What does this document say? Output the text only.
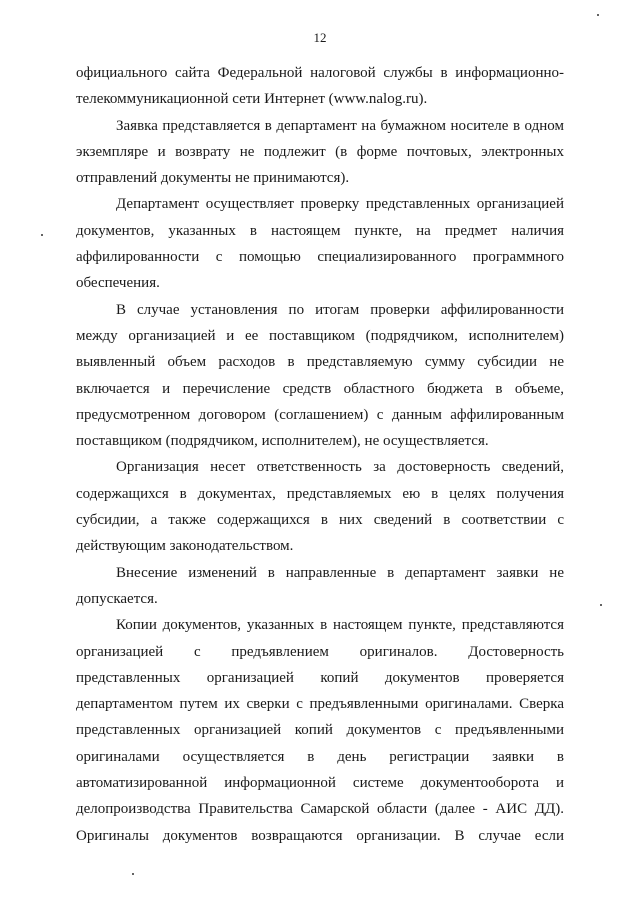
12
официального сайта Федеральной налоговой службы в информационно-
телекоммуникационной сети Интернет (www.nalog.ru).
Заявка представляется в департамент на бумажном носителе в одном
экземпляре и возврату не подлежит (в форме почтовых, электронных
отправлений документы не принимаются).
Департамент осуществляет проверку представленных организацией
документов, указанных в настоящем пункте, на предмет наличия
аффилированности с помощью специализированного программного
обеспечения.
В случае установления по итогам проверки аффилированности
между организацией и ее поставщиком (подрядчиком, исполнителем)
выявленный объем расходов в представляемую сумму субсидии не
включается и перечисление средств областного бюджета в объеме,
предусмотренном договором (соглашением) с данным аффилированным
поставщиком (подрядчиком, исполнителем), не осуществляется.
Организация несет ответственность за достоверность сведений,
содержащихся в документах, представляемых ею в целях получения
субсидии, а также содержащихся в них сведений в соответствии с
действующим законодательством.
Внесение изменений в направленные в департамент заявки не
допускается.
Копии документов, указанных в настоящем пункте, представляются
организацией с предъявлением оригиналов. Достоверность
представленных организацией копий документов проверяется
департаментом путем их сверки с предъявленными оригиналами. Сверка
представленных организацией копий документов с предъявленными
оригиналами осуществляется в день регистрации заявки в
автоматизированной информационной системе документооборота и
делопроизводства Правительства Самарской области (далее - АИС ДД).
Оригиналы документов возвращаются организации. В случае если
